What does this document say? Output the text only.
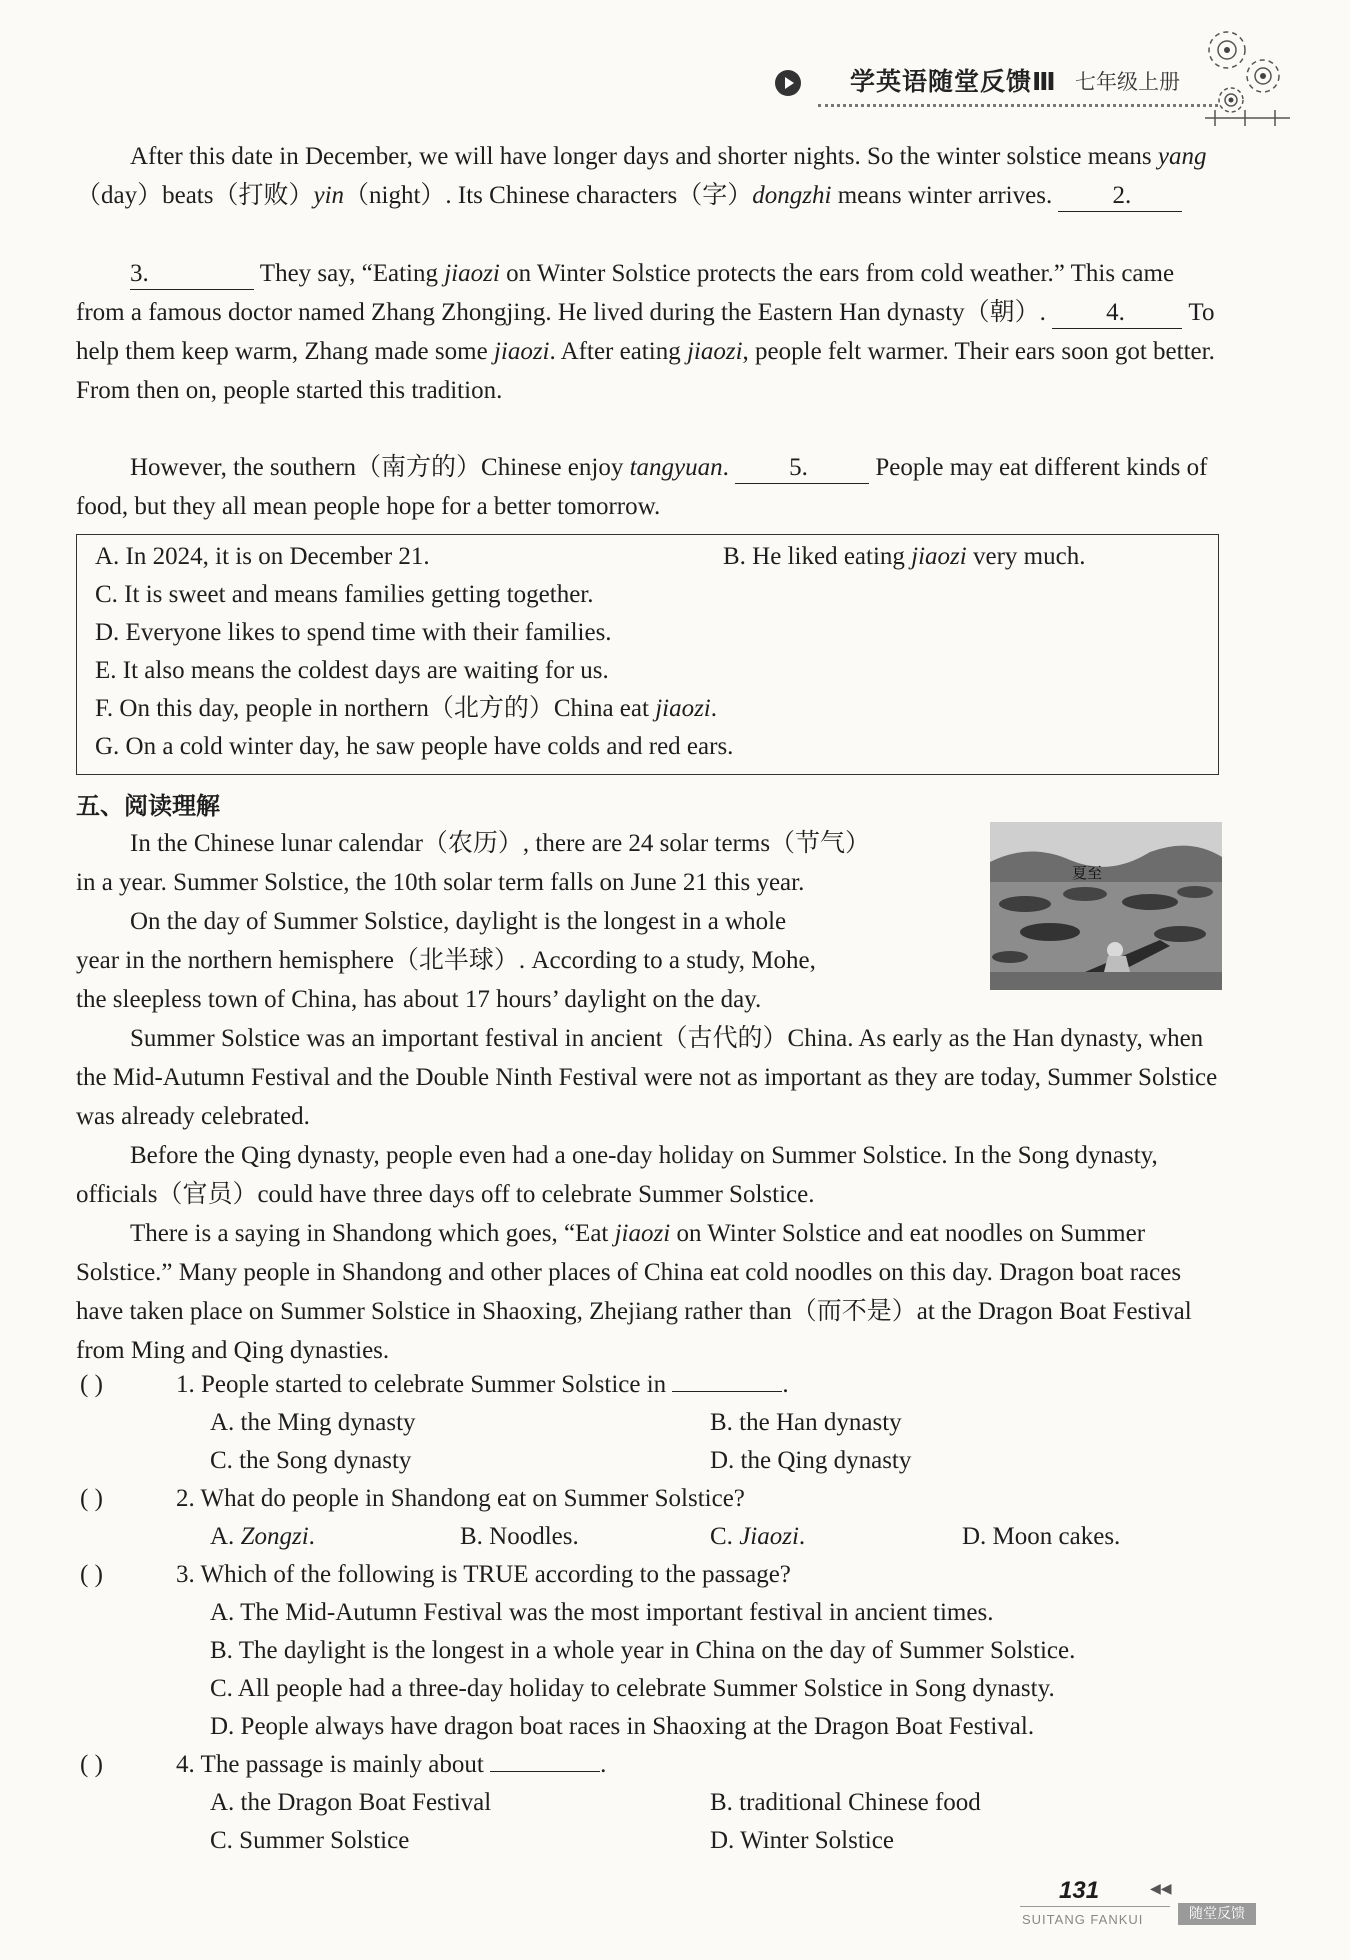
学英语随堂反馈Ⅲ 七年级上册

After this date in December, we will have longer days and shorter nights. So the winter solstice means yang（day）beats（打败）yin（night）. Its Chinese characters（字）dongzhi means winter arrives. 2.

3.	They say, “Eating jiaozi on Winter Solstice protects the ears from cold weather.” This came from a famous doctor named Zhang Zhongjing. He lived during the Eastern Han dynasty（朝）. 4. To help them keep warm, Zhang made some jiaozi. After eating jiaozi, people felt warmer. Their ears soon got better. From then on, people started this tradition.

However, the southern（南方的）Chinese enjoy tangyuan. 5. People may eat different kinds of food, but they all mean people hope for a better tomorrow.

A. In 2024, it is on December 21.	B. He liked eating jiaozi very much.
C. It is sweet and means families getting together.
D. Everyone likes to spend time with their families.
E. It also means the coldest days are waiting for us.
F. On this day, people in northern（北方的）China eat jiaozi.
G. On a cold winter day, he saw people have colds and red ears.
五、阅读理解
夏至
In the Chinese lunar calendar（农历）, there are 24 solar terms（节气）
in a year. Summer Solstice, the 10th solar term falls on June 21 this year.
On the day of Summer Solstice, daylight is the longest in a whole
year in the northern hemisphere（北半球）. According to a study, Mohe,
the sleepless town of China, has about 17 hours’ daylight on the day.

Summer Solstice was an important festival in ancient（古代的）China. As early as the Han dynasty, when the Mid-Autumn Festival and the Double Ninth Festival were not as important as they are today, Summer Solstice was already celebrated.

Before the Qing dynasty, people even had a one-day holiday on Summer Solstice. In the Song dynasty, officials（官员）could have three days off to celebrate Summer Solstice.

There is a saying in Shandong which goes, “Eat jiaozi on Winter Solstice and eat noodles on Summer Solstice.” Many people in Shandong and other places of China eat cold noodles on this day. Dragon boat races have taken place on Summer Solstice in Shaoxing, Zhejiang rather than（而不是）at the Dragon Boat Festival from Ming and Qing dynasties.

( )	1. People started to celebrate Summer Solstice in	.
A. the Ming dynasty	B. the Han dynasty
C. the Song dynasty	D. the Qing dynasty
( )	2. What do people in Shandong eat on Summer Solstice?
A. Zongzi.	B. Noodles.	C. Jiaozi.	D. Moon cakes.
( )	3. Which of the following is TRUE according to the passage?
A. The Mid-Autumn Festival was the most important festival in ancient times.
B. The daylight is the longest in a whole year in China on the day of Summer Solstice.
C. All people had a three-day holiday to celebrate Summer Solstice in Song dynasty.
D. People always have dragon boat races in Shaoxing at the Dragon Boat Festival.
( )	4. The passage is mainly about	.
A. the Dragon Boat Festival	B. traditional Chinese food
C. Summer Solstice	D. Winter Solstice
131	◀◀
SUITANG FANKUI	随堂反馈
